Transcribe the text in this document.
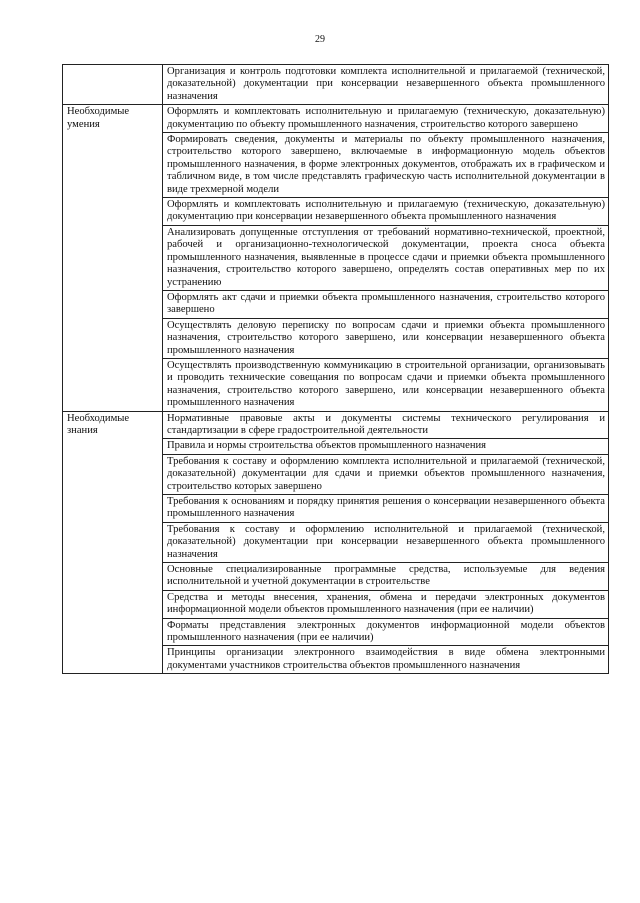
29
	Организация и контроль подготовки комплекта исполнительной и прилагаемой (технической, доказательной) документации при консервации незавершенного объекта промышленного назначения
Необходимые умения	Оформлять и комплектовать исполнительную и прилагаемую (техническую, доказательную) документацию по объекту промышленного назначения, строительство которого завершено
	Формировать сведения, документы и материалы по объекту промышленного назначения, строительство которого завершено, включаемые в информационную модель объектов промышленного назначения, в форме электронных документов, отображать их в графическом и табличном виде, в том числе представлять графическую часть исполнительной документации в виде трехмерной модели
	Оформлять и комплектовать исполнительную и прилагаемую (техническую, доказательную) документацию при консервации незавершенного объекта промышленного назначения
	Анализировать допущенные отступления от требований нормативно-технической, проектной, рабочей и организационно-технологической документации, проекта сноса объекта промышленного назначения, выявленные в процессе сдачи и приемки объекта промышленного назначения, строительство которого завершено, определять состав оперативных мер по их устранению
	Оформлять акт сдачи и приемки объекта промышленного назначения, строительство которого завершено
	Осуществлять деловую переписку по вопросам сдачи и приемки объекта промышленного назначения, строительство которого завершено, или консервации незавершенного объекта промышленного назначения
	Осуществлять производственную коммуникацию в строительной организации, организовывать и проводить технические совещания по вопросам сдачи и приемки объекта промышленного назначения, строительство которого завершено, или консервации незавершенного объекта промышленного назначения
Необходимые знания	Нормативные правовые акты и документы системы технического регулирования и стандартизации в сфере градостроительной деятельности
	Правила и нормы строительства объектов промышленного назначения
	Требования к составу и оформлению комплекта исполнительной и прилагаемой (технической, доказательной) документации для сдачи и приемки объектов промышленного назначения, строительство которых завершено
	Требования к основаниям и порядку принятия решения о консервации незавершенного объекта промышленного назначения
	Требования к составу и оформлению исполнительной и прилагаемой (технической, доказательной) документации при консервации незавершенного объекта промышленного назначения
	Основные специализированные программные средства, используемые для ведения исполнительной и учетной документации в строительстве
	Средства и методы внесения, хранения, обмена и передачи электронных документов информационной модели объектов промышленного назначения (при ее наличии)
	Форматы представления электронных документов информационной модели объектов промышленного назначения (при ее наличии)
	Принципы организации электронного взаимодействия в виде обмена электронными документами участников строительства объектов промышленного назначения
